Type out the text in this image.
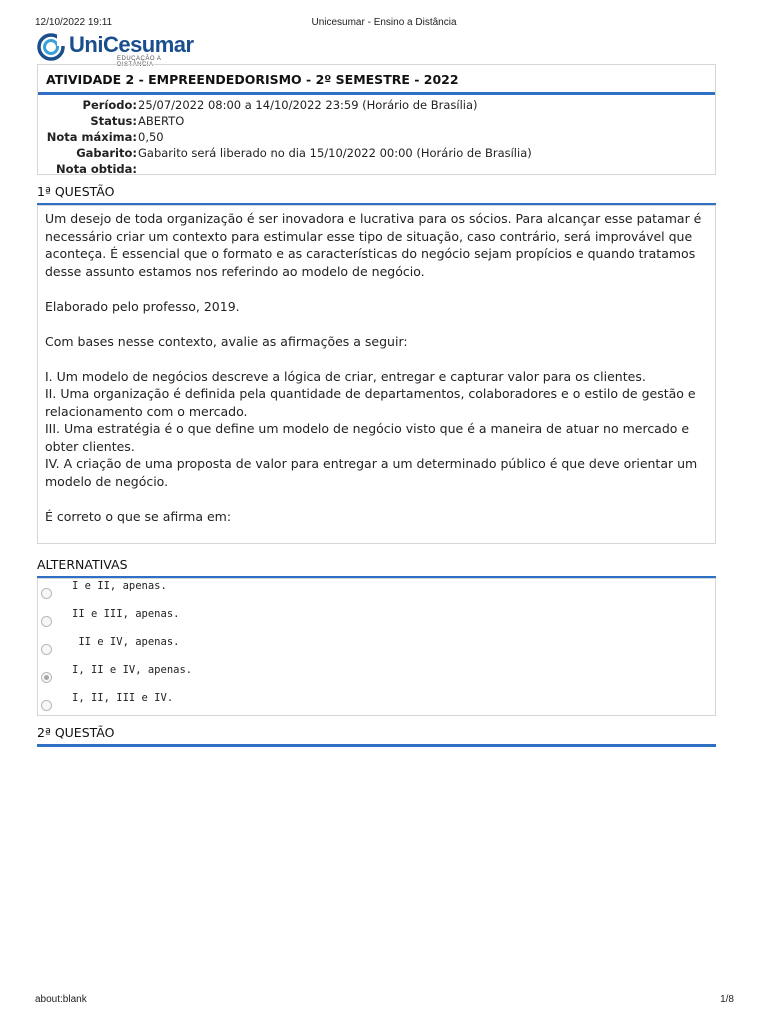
12/10/2022 19:11	Unicesumar - Ensino a Distância
UniCesumar
EDUCAÇÃO A DISTÂNCIA
ATIVIDADE 2 - EMPREENDEDORISMO - 2º SEMESTRE - 2022
Período: 25/07/2022 08:00 a 14/10/2022 23:59 (Horário de Brasília)
Status: ABERTO
Nota máxima: 0,50
Gabarito: Gabarito será liberado no dia 15/10/2022 00:00 (Horário de Brasília)
Nota obtida:
1ª QUESTÃO

Um desejo de toda organização é ser inovadora e lucrativa para os sócios. Para alcançar esse patamar é necessário criar um contexto para estimular esse tipo de situação, caso contrário, será improvável que aconteça. É essencial que o formato e as características do negócio sejam propícios e quando tratamos desse assunto estamos nos referindo ao modelo de negócio.

Elaborado pelo professo, 2019.

Com bases nesse contexto, avalie as afirmações a seguir:

I. Um modelo de negócios descreve a lógica de criar, entregar e capturar valor para os clientes.

II. Uma organização é definida pela quantidade de departamentos, colaboradores e o estilo de gestão e relacionamento com o mercado.

III. Uma estratégia é o que define um modelo de negócio visto que é a maneira de atuar no mercado e obter clientes.

IV. A criação de uma proposta de valor para entregar a um determinado público é que deve orientar um modelo de negócio.

É correto o que se afirma em:

ALTERNATIVAS
I e II, apenas.
II e III, apenas.
II e IV, apenas.
I, II e IV, apenas.
I, II, III e IV.
2ª QUESTÃO
about:blank	1/8
